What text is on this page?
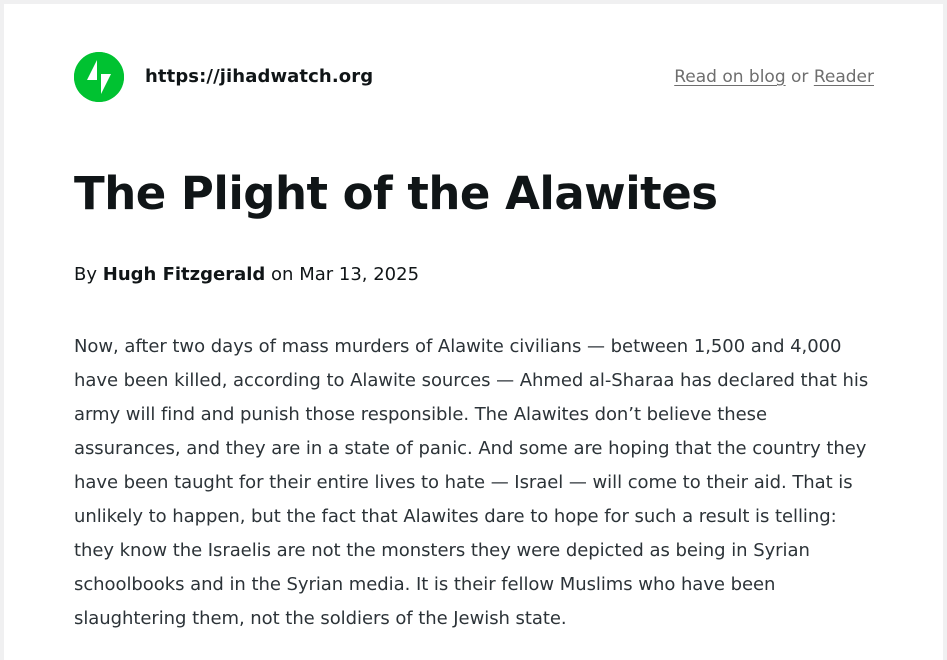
https://jihadwatch.org	Read on blog or Reader
The Plight of the Alawites
By Hugh Fitzgerald on Mar 13, 2025

Now, after two days of mass murders of Alawite civilians — between 1,500 and 4,000 have been killed, according to Alawite sources — Ahmed al-Sharaa has declared that his army will find and punish those responsible. The Alawites don’t believe these assurances, and they are in a state of panic. And some are hoping that the country they have been taught for their entire lives to hate — Israel — will come to their aid. That is unlikely to happen, but the fact that Alawites dare to hope for such a result is telling: they know the Israelis are not the monsters they were depicted as being in Syrian schoolbooks and in the Syrian media. It is their fellow Muslims who have been slaughtering them, not the soldiers of the Jewish state.
